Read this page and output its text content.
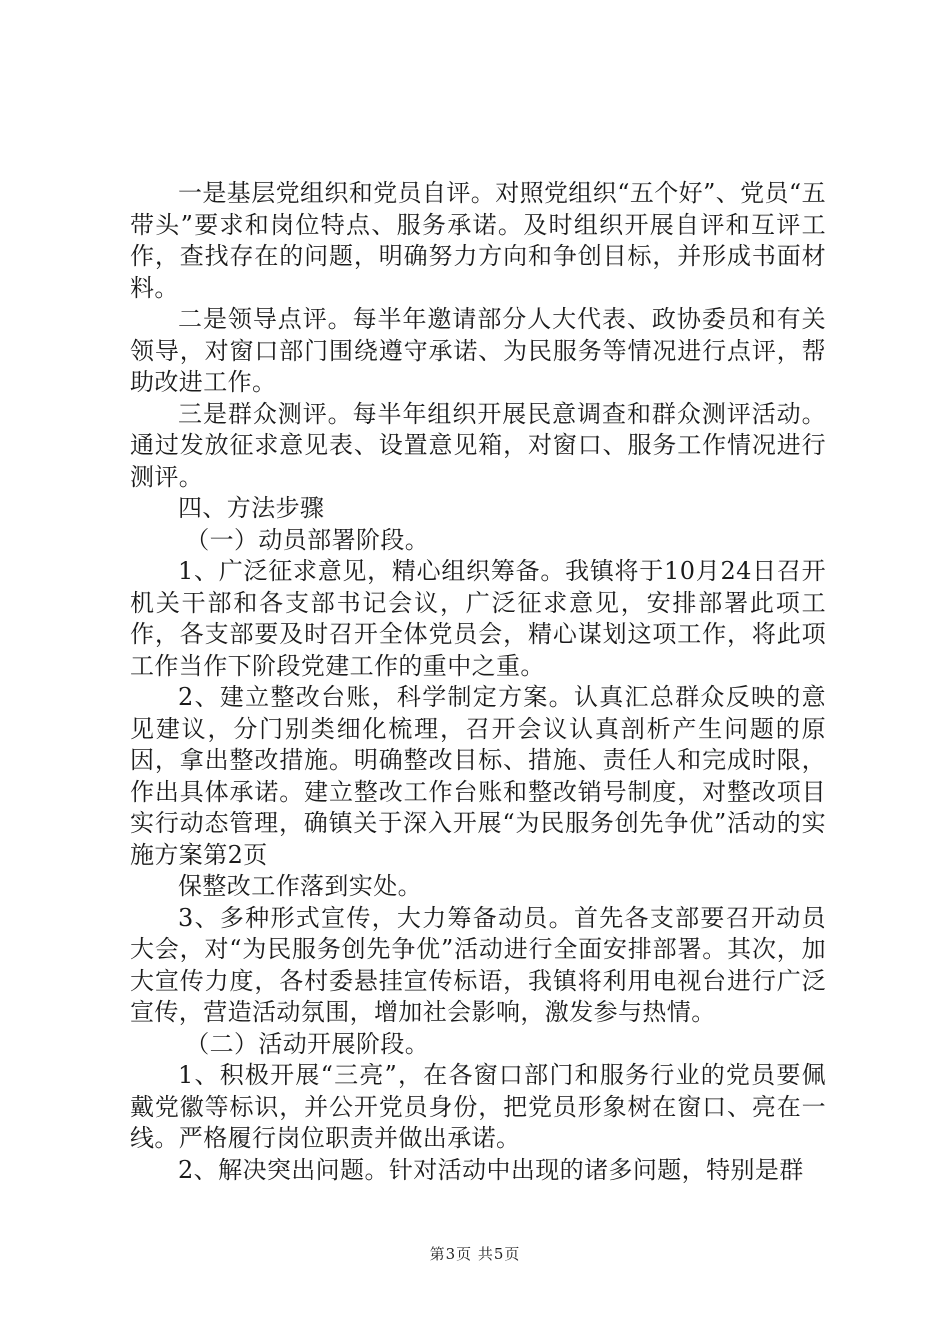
一是基层党组织和党员自评。对照党组织“五个好”、党员“五带头”要求和岗位特点、服务承诺。及时组织开展自评和互评工作，查找存在的问题，明确努力方向和争创目标，并形成书面材料。

二是领导点评。每半年邀请部分人大代表、政协委员和有关领导，对窗口部门围绕遵守承诺、为民服务等情况进行点评，帮助改进工作。

三是群众测评。每半年组织开展民意调查和群众测评活动。通过发放征求意见表、设置意见箱，对窗口、服务工作情况进行测评。

四、方法步骤

（一）动员部署阶段。

1、广泛征求意见，精心组织筹备。我镇将于10月24日召开机关干部和各支部书记会议，广泛征求意见，安排部署此项工作，各支部要及时召开全体党员会，精心谋划这项工作，将此项工作当作下阶段党建工作的重中之重。

2、建立整改台账，科学制定方案。认真汇总群众反映的意见建议，分门别类细化梳理，召开会议认真剖析产生问题的原因，拿出整改措施。明确整改目标、措施、责任人和完成时限，作出具体承诺。建立整改工作台账和整改销号制度，对整改项目实行动态管理，确镇关于深入开展“为民服务创先争优”活动的实施方案第2页

保整改工作落到实处。

3、多种形式宣传，大力筹备动员。首先各支部要召开动员大会，对“为民服务创先争优”活动进行全面安排部署。其次，加大宣传力度，各村委悬挂宣传标语，我镇将利用电视台进行广泛宣传，营造活动氛围，增加社会影响，激发参与热情。

（二）活动开展阶段。

1、积极开展“三亮”，在各窗口部门和服务行业的党员要佩戴党徽等标识，并公开党员身份，把党员形象树在窗口、亮在一线。严格履行岗位职责并做出承诺。

2、解决突出问题。针对活动中出现的诸多问题，特别是群

第3页 共5页
